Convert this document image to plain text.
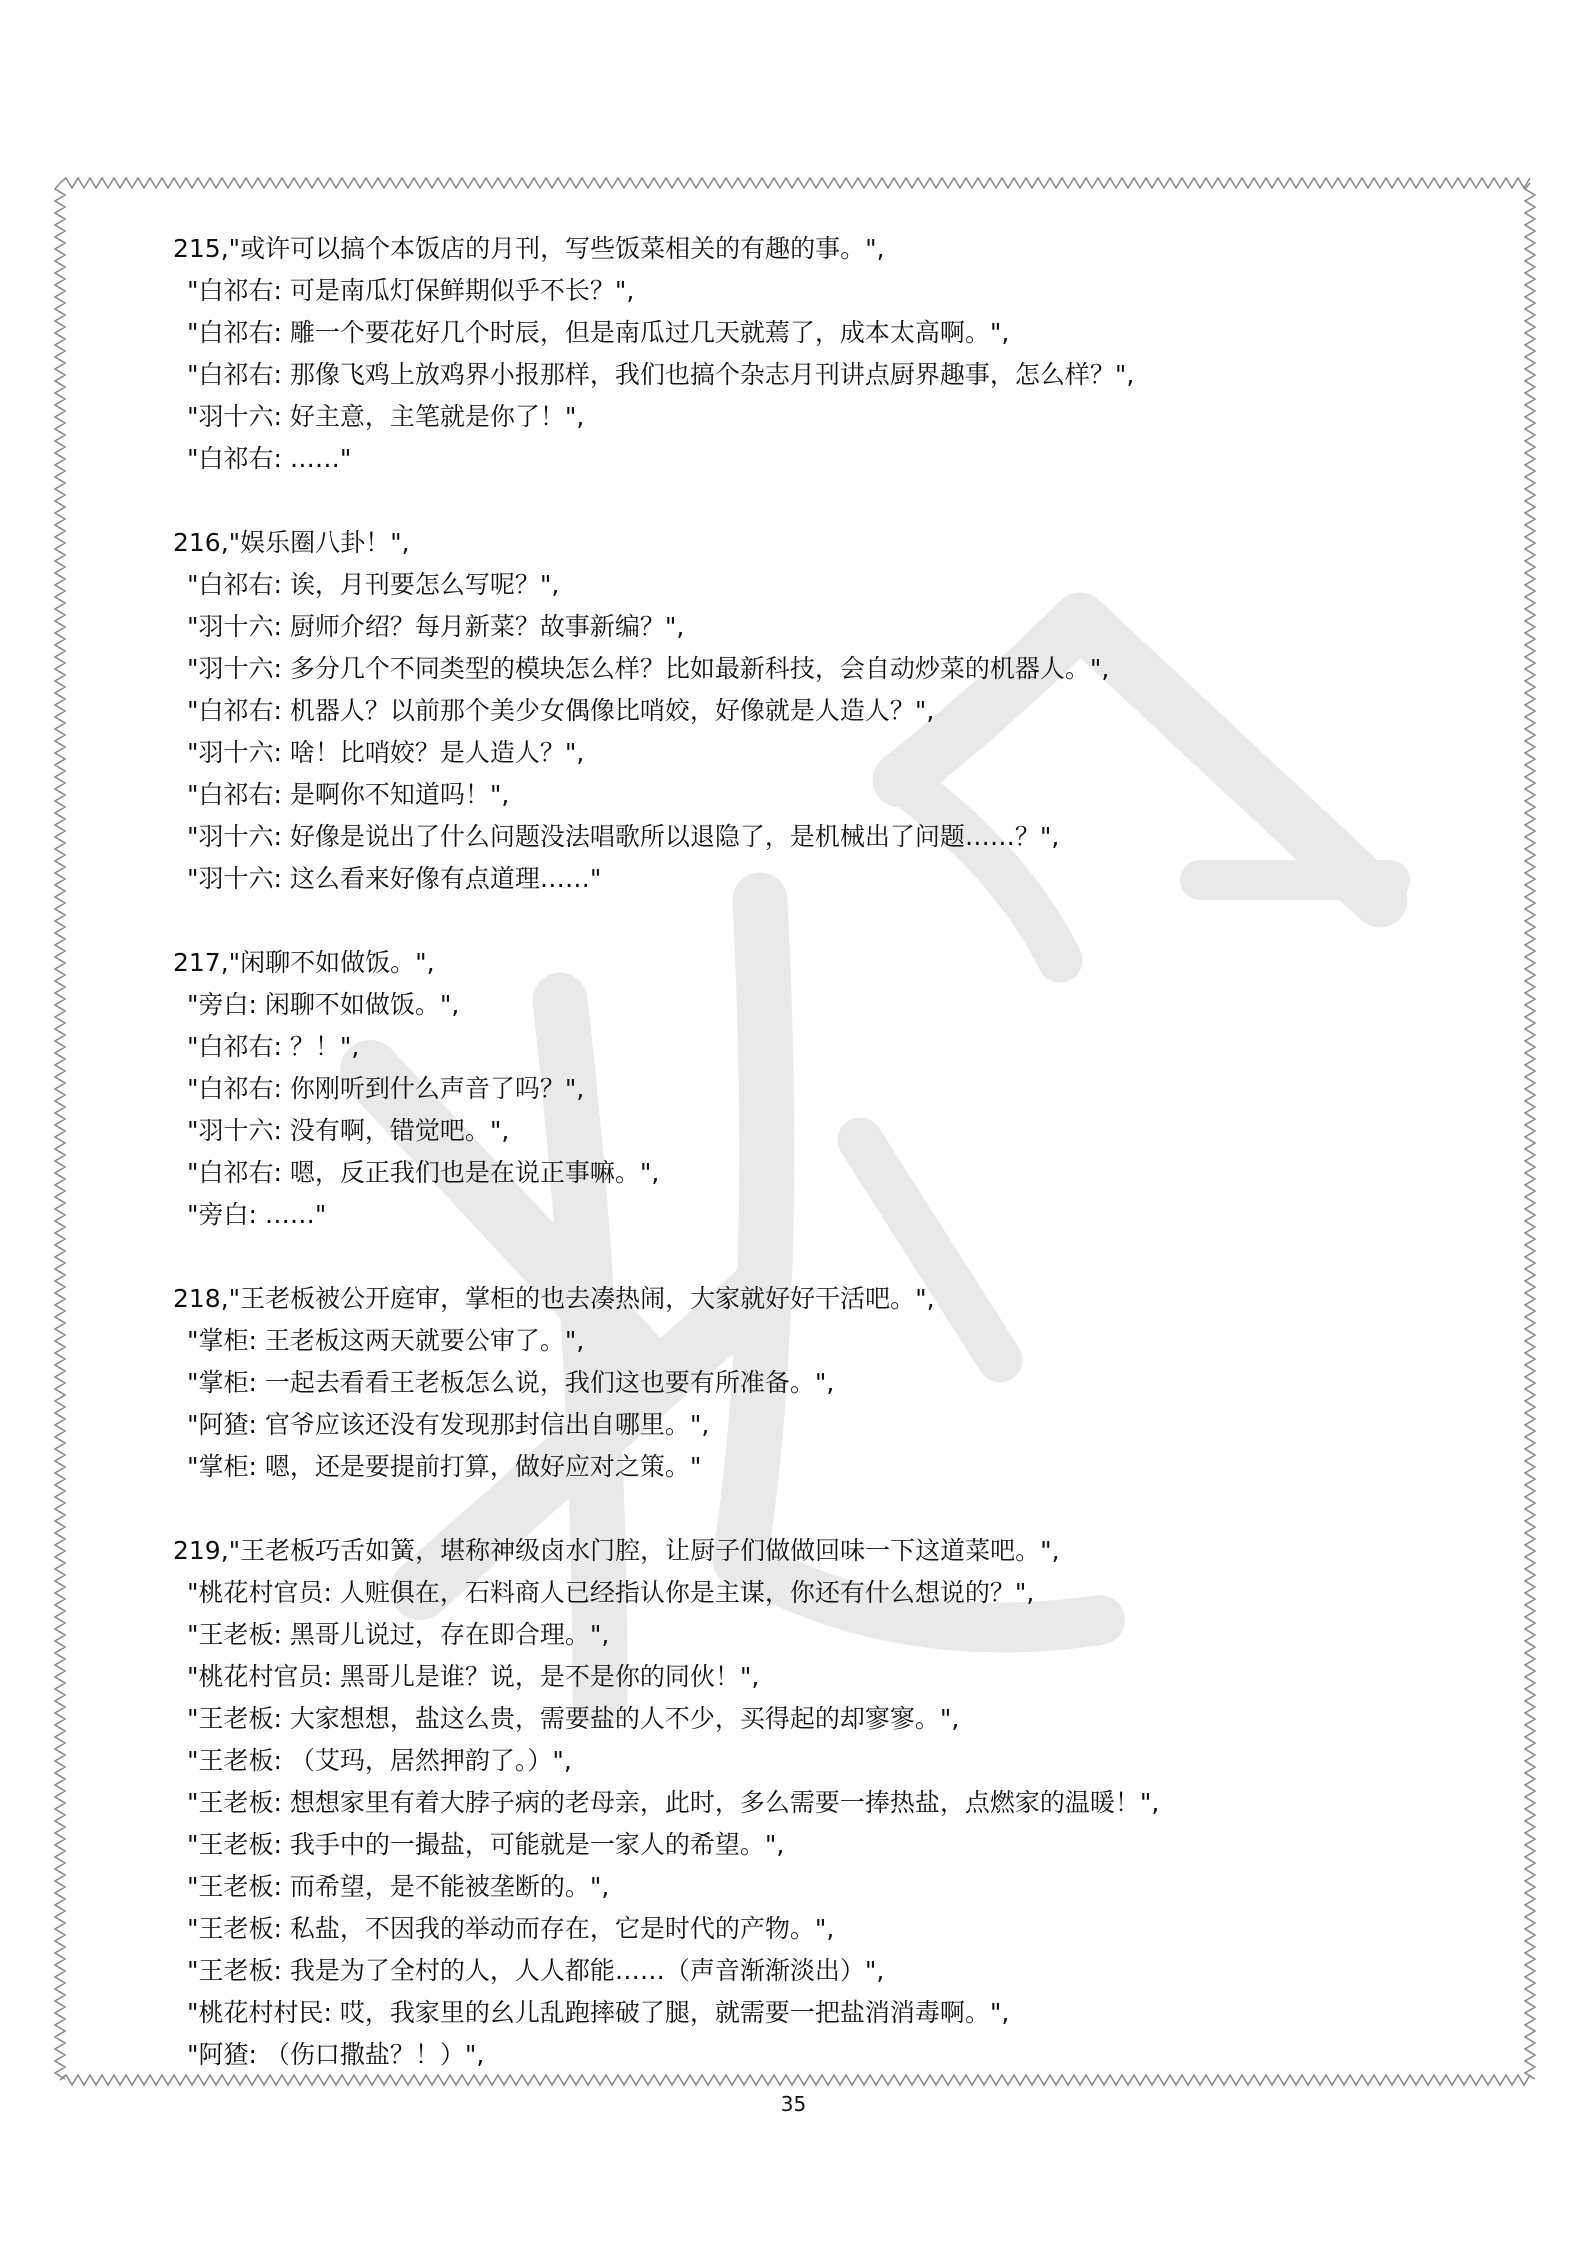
215,"或许可以搞个本饭店的月刊，写些饭菜相关的有趣的事。",
"白祁右: 可是南瓜灯保鲜期似乎不长？",
"白祁右: 雕一个要花好几个时辰，但是南瓜过几天就蔫了，成本太高啊。",
"白祁右: 那像飞鸡上放鸡界小报那样，我们也搞个杂志月刊讲点厨界趣事，怎么样？",
"羽十六: 好主意，主笔就是你了！",
"白祁右: ……"
216,"娱乐圈八卦！",
"白祁右: 诶，月刊要怎么写呢？",
"羽十六: 厨师介绍？每月新菜？故事新编？",
"羽十六: 多分几个不同类型的模块怎么样？比如最新科技，会自动炒菜的机器人。",
"白祁右: 机器人？以前那个美少女偶像比哨姣，好像就是人造人？",
"羽十六: 啥！比哨姣？是人造人？",
"白祁右: 是啊你不知道吗！",
"羽十六: 好像是说出了什么问题没法唱歌所以退隐了，是机械出了问题……？",
"羽十六: 这么看来好像有点道理……"
217,"闲聊不如做饭。",
"旁白: 闲聊不如做饭。",
"白祁右: ？！",
"白祁右: 你刚听到什么声音了吗？",
"羽十六: 没有啊，错觉吧。",
"白祁右: 嗯，反正我们也是在说正事嘛。",
"旁白: ……"
218,"王老板被公开庭审，掌柜的也去凑热闹，大家就好好干活吧。",
"掌柜: 王老板这两天就要公审了。",
"掌柜: 一起去看看王老板怎么说，我们这也要有所准备。",
"阿猹: 官爷应该还没有发现那封信出自哪里。",
"掌柜: 嗯，还是要提前打算，做好应对之策。"
219,"王老板巧舌如簧，堪称神级卤水门腔，让厨子们做做回味一下这道菜吧。",
"桃花村官员: 人赃俱在，石料商人已经指认你是主谋，你还有什么想说的？",
"王老板: 黑哥儿说过，存在即合理。",
"桃花村官员: 黑哥儿是谁？说，是不是你的同伙！",
"王老板: 大家想想，盐这么贵，需要盐的人不少，买得起的却寥寥。",
"王老板: （艾玛，居然押韵了。）",
"王老板: 想想家里有着大脖子病的老母亲，此时，多么需要一捧热盐，点燃家的温暖！",
"王老板: 我手中的一撮盐，可能就是一家人的希望。",
"王老板: 而希望，是不能被垄断的。",
"王老板: 私盐，不因我的举动而存在，它是时代的产物。",
"王老板: 我是为了全村的人，人人都能……（声音渐渐淡出）",
"桃花村村民: 哎，我家里的幺儿乱跑摔破了腿，就需要一把盐消消毒啊。",
"阿猹: （伤口撒盐？！）",
35
